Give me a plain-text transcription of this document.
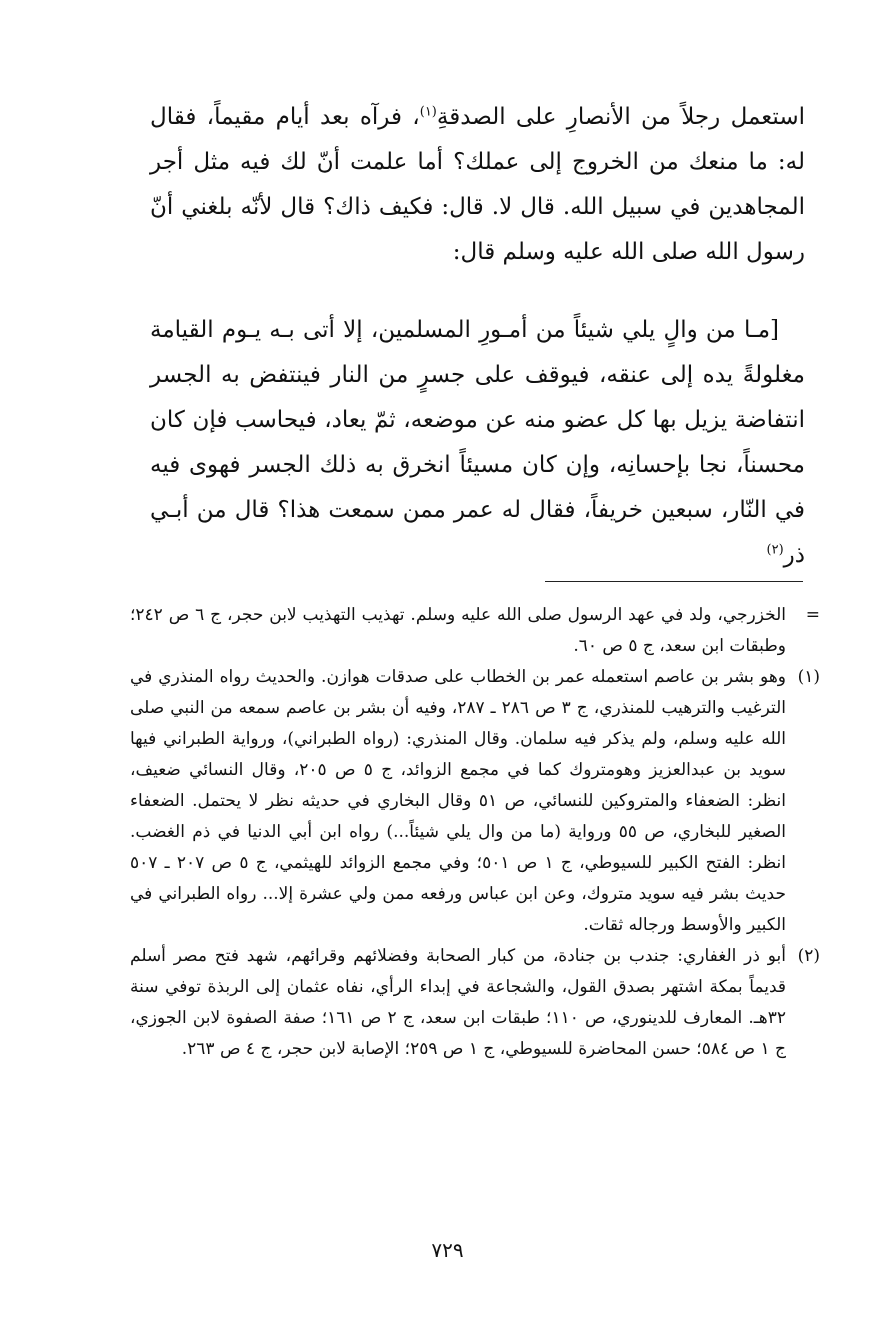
استعمل رجلاً من الأنصارِ على الصدقةِ$^{(١)}$، فرآه بعد أيام مقيماً، فقال له: ما منعك من الخروج إلى عملك؟ أما علمت أنّ لك فيه مثل أجر المجاهدين في سبيل الله. قال لا. قال: فكيف ذاك؟ قال لأنّه بلغني أنّ رسول الله صلى الله عليه وسلم قال:

[مـا من والٍ يلي شيئاً من أمـورِ المسلمين، إلا أتى بـه يـوم القيامة مغلولةً يده إلى عنقه، فيوقف على جسرٍ من النار فينتفض به الجسر انتفاضة يزيل بها كل عضو منه عن موضعه، ثمّ يعاد، فيحاسب فإن كان محسناً، نجا بإحسانِه، وإن كان مسيئاً انخرق به ذلك الجسر فهوى فيه في النّار، سبعين خريفاً، فقال له عمر ممن سمعت هذا؟ قال من أبـي ذر$^{(٢)}$

=
الخزرجي، ولد في عهد الرسول صلى الله عليه وسلم. تهذيب التهذيب لابن حجر، ج ٦ ص ٢٤٢؛ وطبقات ابن سعد، ج ٥ ص ٦٠.
(١)
وهو بشر بن عاصم استعمله عمر بن الخطاب على صدقات هوازن. والحديث رواه المنذري في الترغيب والترهيب للمنذري، ج ٣ ص ٢٨٦ ـ ٢٨٧، وفيه أن بشر بن عاصم سمعه من النبي صلى الله عليه وسلم، ولم يذكر فيه سلمان. وقال المنذري: (رواه الطبراني)، ورواية الطبراني فيها سويد بن عبدالعزيز وهومتروك كما في مجمع الزوائد، ج ٥ ص ٢٠٥، وقال النسائي ضعيف، انظر: الضعفاء والمتروكين للنسائي، ص ٥١ وقال البخاري في حديثه نظر لا يحتمل. الضعفاء الصغير للبخاري، ص ٥٥ ورواية (ما من وال يلي شيئاً...) رواه ابن أبي الدنيا في ذم الغضب. انظر: الفتح الكبير للسيوطي، ج ١ ص ٥٠١؛ وفي مجمع الزوائد للهيثمي، ج ٥ ص ٢٠٧ ـ ٥٠٧ حديث بشر فيه سويد متروك، وعن ابن عباس ورفعه ممن ولي عشرة إلا... رواه الطبراني في الكبير والأوسط ورجاله ثقات.
(٢)
أبو ذر الغفاري: جندب بن جنادة، من كبار الصحابة وفضلائهم وقرائهم، شهد فتح مصر أسلم قديماً بمكة اشتهر بصدق القول، والشجاعة في إبداء الرأي، نفاه عثمان إلى الربذة توفي سنة ٣٢هـ. المعارف للدينوري، ص ١١٠؛ طبقات ابن سعد، ج ٢ ص ١٦١؛ صفة الصفوة لابن الجوزي، ج ١ ص ٥٨٤؛ حسن المحاضرة للسيوطي، ج ١ ص ٢٥٩؛ الإصابة لابن حجر، ج ٤ ص ٢٦٣.
٧٢٩
